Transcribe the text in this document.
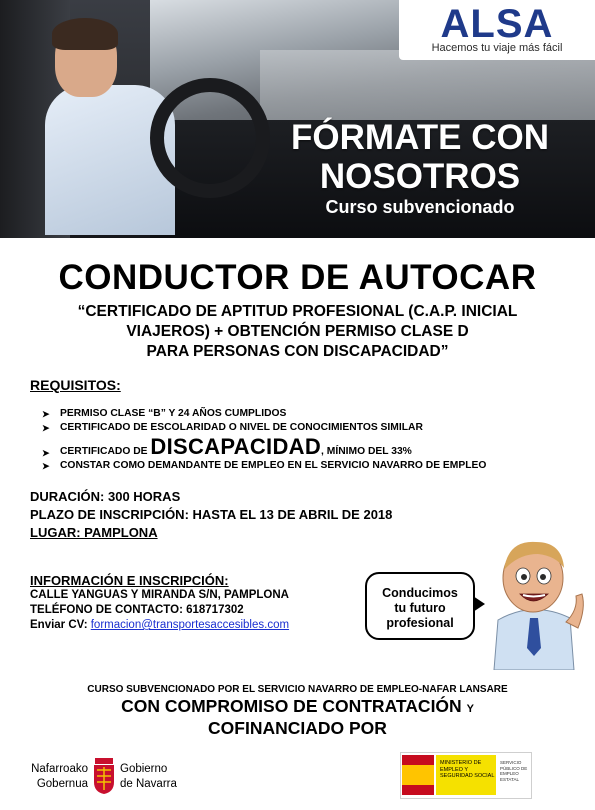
ALSA
Hacemos tu viaje más fácil
FÓRMATE CON
NOSOTROS
Curso subvencionado
CONDUCTOR DE AUTOCAR
“CERTIFICADO DE APTITUD PROFESIONAL (C.A.P. INICIAL
VIAJEROS) + OBTENCIÓN PERMISO CLASE D
PARA PERSONAS CON DISCAPACIDAD”
REQUISITOS:
➤ PERMISO CLASE “B” Y 24 AÑOS CUMPLIDOS
➤ CERTIFICADO DE ESCOLARIDAD O NIVEL DE CONOCIMIENTOS SIMILAR
➤ CERTIFICADO DE DISCAPACIDAD, MÍNIMO DEL 33%
➤ CONSTAR COMO DEMANDANTE DE EMPLEO EN EL SERVICIO NAVARRO DE EMPLEO
DURACIÓN: 300 HORAS
PLAZO DE INSCRIPCIÓN: HASTA EL 13 DE ABRIL DE 2018
LUGAR: PAMPLONA
INFORMACIÓN E INSCRIPCIÓN:
CALLE YANGUAS Y MIRANDA S/N, PAMPLONA
TELÉFONO DE CONTACTO: 618717302
Enviar CV: formacion@transportesaccesibles.com
Conducimos
tu futuro
profesional
CURSO SUBVENCIONADO POR EL SERVICIO NAVARRO DE EMPLEO-NAFAR LANSARE
CON COMPROMISO DE CONTRATACIÓN Y
COFINANCIADO POR
Nafarroako
Gobernua
Gobierno
de Navarra
MINISTERIO DE EMPLEO Y SEGURIDAD SOCIAL
SERVICIO PÚBLICO DE EMPLEO ESTATAL
